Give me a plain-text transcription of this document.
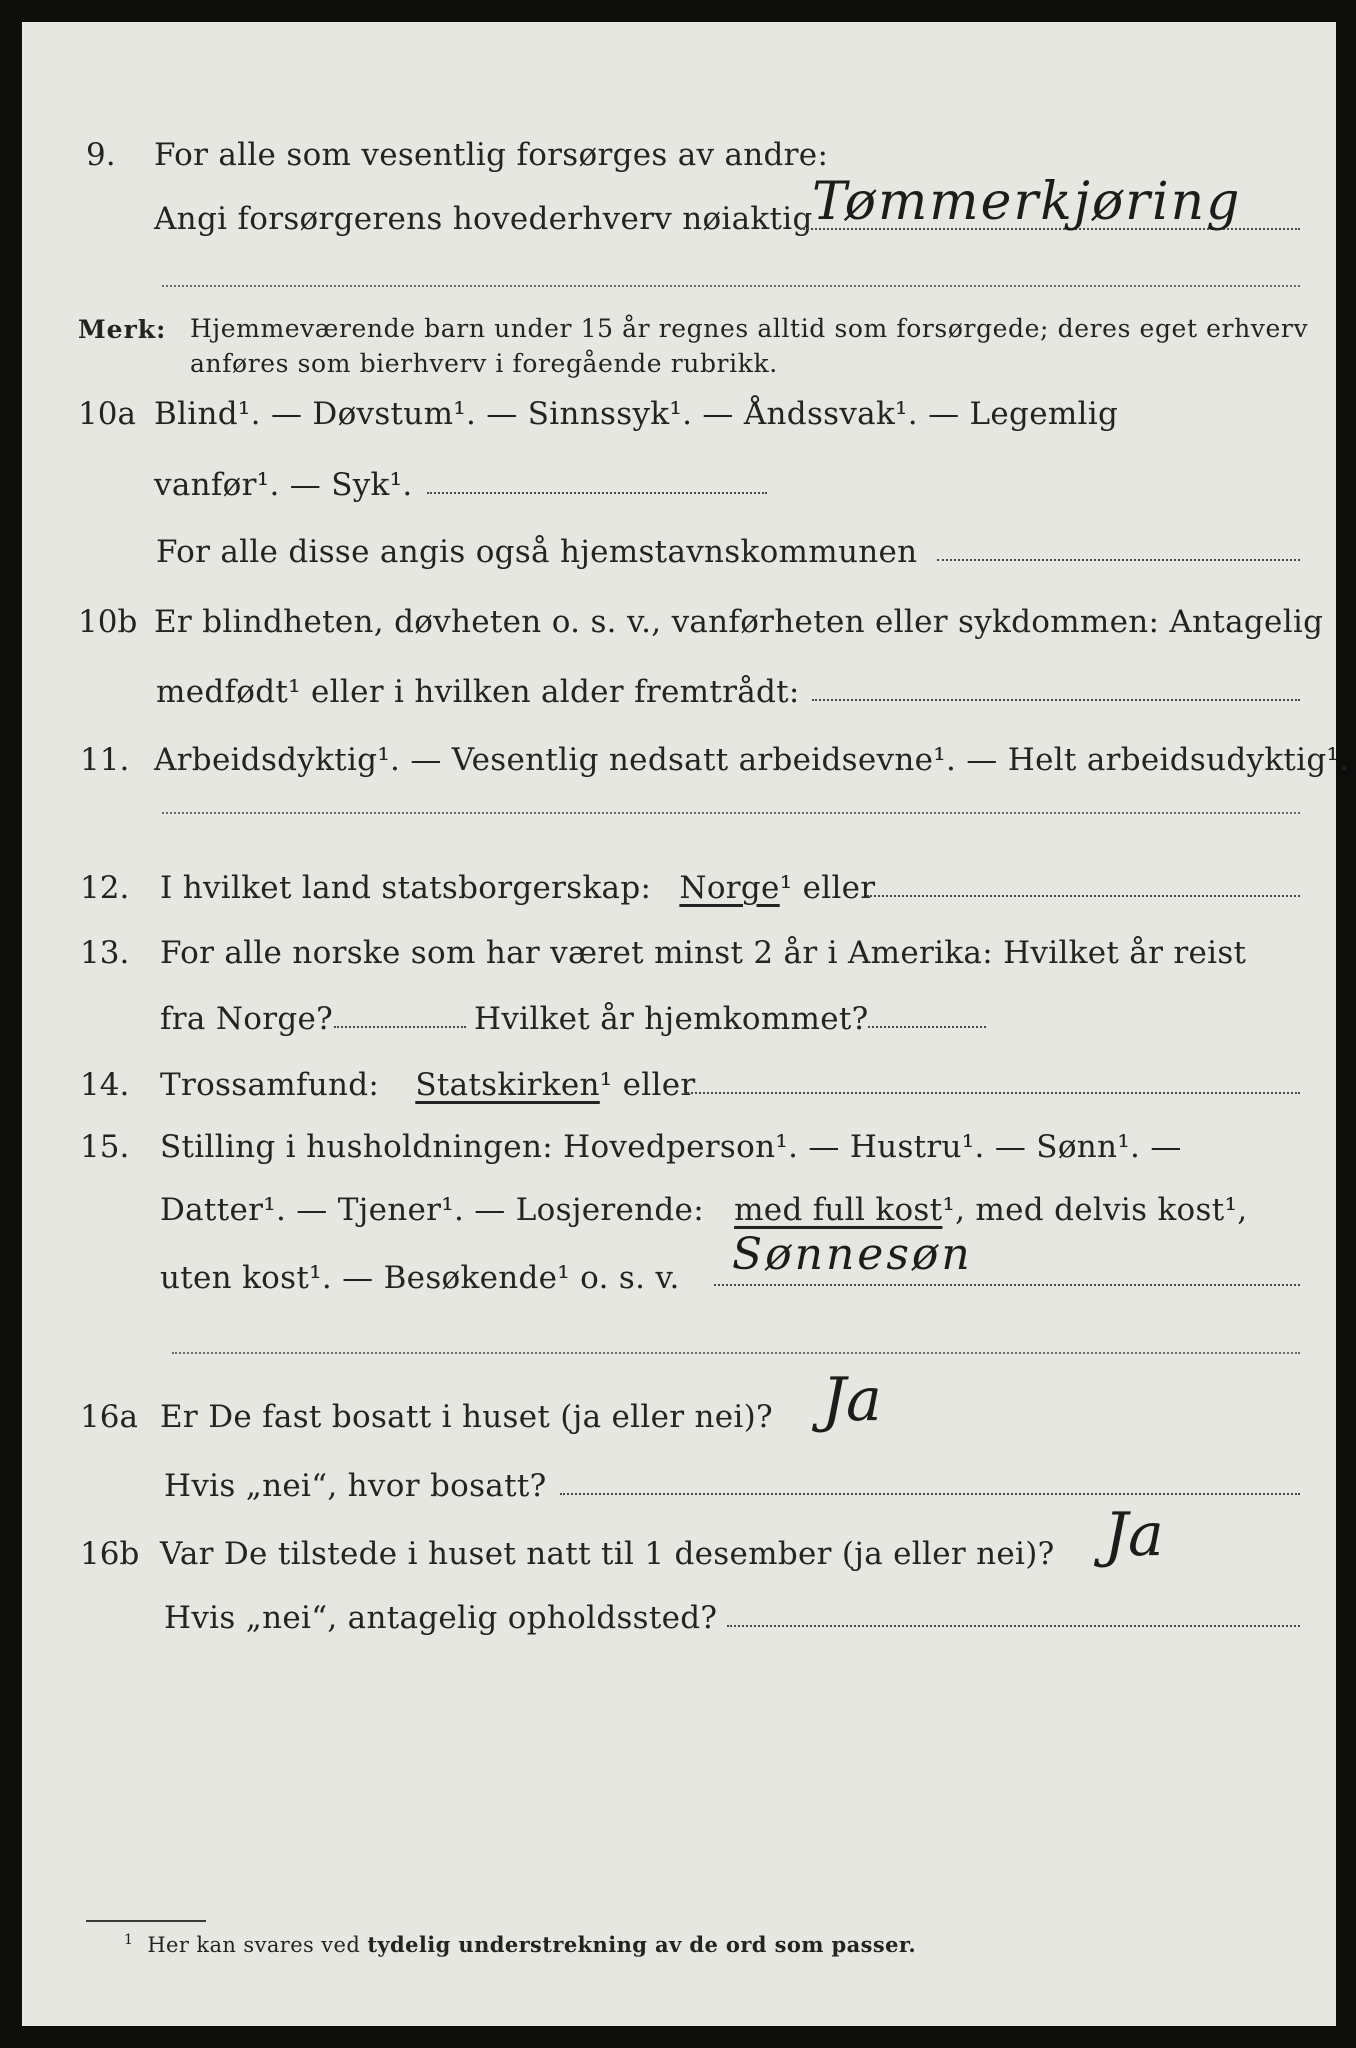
9. For alle som vesentlig forsørges av andre:
Angi forsørgerens hovederhverv nøiaktig Tømmerkjøring
Merk: Hjemmeværende barn under 15 år regnes alltid som forsørgede; deres eget erhverv
anføres som bierhverv i foregående rubrikk.
10a Blind¹. — Døvstum¹. — Sinnssyk¹. — Åndssvak¹. — Legemlig
vanfør¹. — Syk¹.
For alle disse angis også hjemstavnskommunen
10b Er blindheten, døvheten o. s. v., vanførheten eller sykdommen: Antagelig
medfødt¹ eller i hvilken alder fremtrådt:
11. Arbeidsdyktig¹. — Vesentlig nedsatt arbeidsevne¹. — Helt arbeidsudyktig¹.
12. I hvilket land statsborgerskap: Norge¹ eller
13. For alle norske som har været minst 2 år i Amerika: Hvilket år reist
fra Norge?	Hvilket år hjemkommet?
14. Trossamfund: Statskirken¹ eller
15. Stilling i husholdningen: Hovedperson¹. — Hustru¹. — Sønn¹. —
Datter¹. — Tjener¹. — Losjerende: med full kost¹, med delvis kost¹,
uten kost¹. — Besøkende¹ o. s. v. Sønnesøn
16a Er De fast bosatt i huset (ja eller nei)? Ja
Hvis „nei“, hvor bosatt?
16b Var De tilstede i huset natt til 1 desember (ja eller nei)? Ja
Hvis „nei“, antagelig opholdssted?
$^1$ Her kan svares ved tydelig understrekning av de ord som passer.
